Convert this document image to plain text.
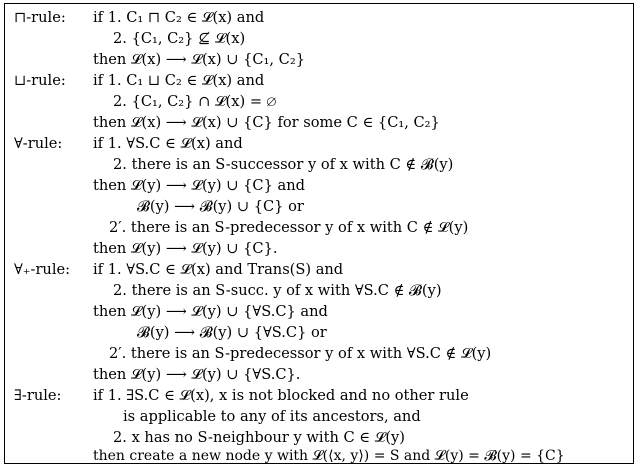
⊓-rule: if 1. C₁ ⊓ C₂ ∈ 𝓛(x) and
2. {C₁, C₂} ⊈ 𝓛(x)
then 𝓛(x) ⟶ 𝓛(x) ∪ {C₁, C₂}
⊔-rule: if 1. C₁ ⊔ C₂ ∈ 𝓛(x) and
2. {C₁, C₂} ∩ 𝓛(x) = ∅
then 𝓛(x) ⟶ 𝓛(x) ∪ {C} for some C ∈ {C₁, C₂}
∀-rule: if 1. ∀S.C ∈ 𝓛(x) and
2. there is an S-successor y of x with C ∉ 𝓑(y)
then 𝓛(y) ⟶ 𝓛(y) ∪ {C} and
𝓑(y) ⟶ 𝓑(y) ∪ {C} or
2′. there is an S-predecessor y of x with C ∉ 𝓛(y)
then 𝓛(y) ⟶ 𝓛(y) ∪ {C}.
∀₊-rule: if 1. ∀S.C ∈ 𝓛(x) and Trans(S) and
2. there is an S-succ. y of x with ∀S.C ∉ 𝓑(y)
then 𝓛(y) ⟶ 𝓛(y) ∪ {∀S.C} and
𝓑(y) ⟶ 𝓑(y) ∪ {∀S.C} or
2′. there is an S-predecessor y of x with ∀S.C ∉ 𝓛(y)
then 𝓛(y) ⟶ 𝓛(y) ∪ {∀S.C}.
∃-rule: if 1. ∃S.C ∈ 𝓛(x), x is not blocked and no other rule
is applicable to any of its ancestors, and
2. x has no S-neighbour y with C ∈ 𝓛(y)
then create a new node y with 𝓛(⟨x, y⟩) = S and 𝓛(y) = 𝓑(y) = {C}
